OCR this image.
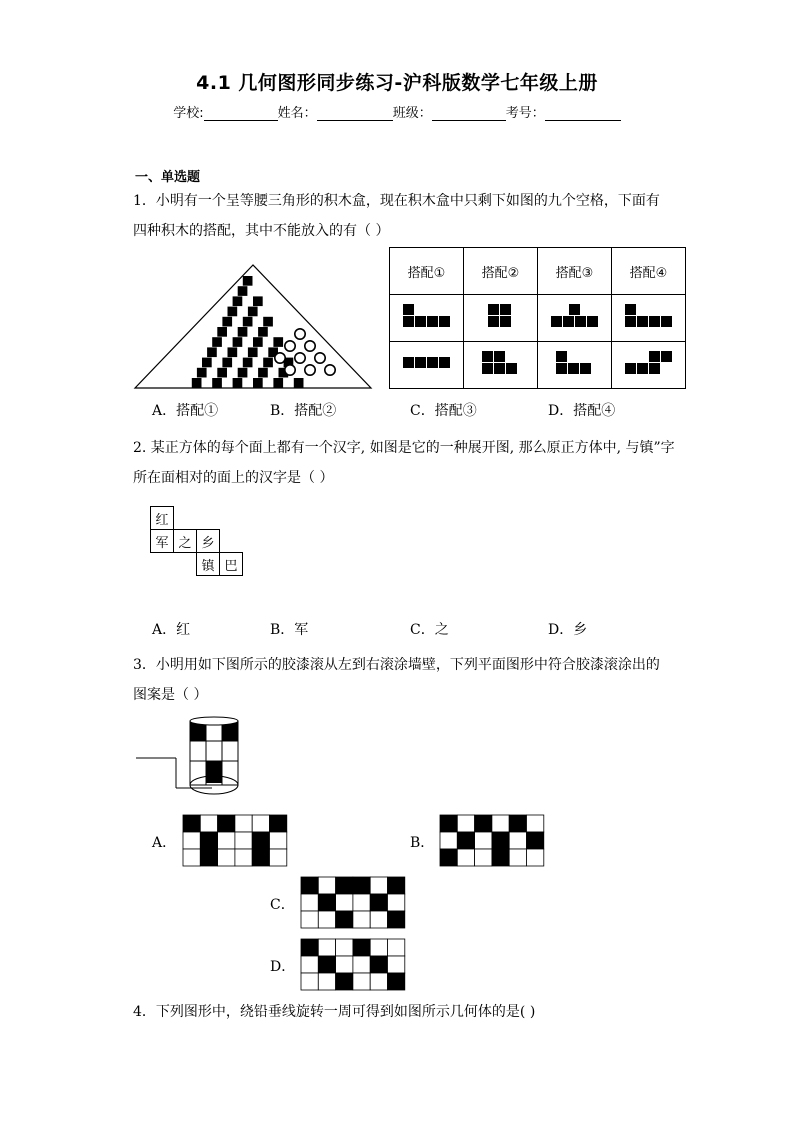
4.1 几何图形同步练习-沪科版数学七年级上册
学校:	姓名：	班级：	考号：
一、单选题
1．小明有一个呈等腰三角形的积木盒，现在积木盒中只剩下如图的九个空格，下面有四种积木的搭配，其中不能放入的有（ ）
搭配①	搭配②	搭配③	搭配④

A．搭配①	B．搭配②	C．搭配③	D．搭配④
2. 某正方体的每个面上都有一个汉字, 如图是它的一种展开图, 那么原正方体中, 与镇”字所在面相对的面上的汉字是（ ）
红			
军	之	乡	
		镇	巴
A．红	B．军	C．之	D．乡
3．小明用如下图所示的胶漆滚从左到右滚涂墙壁，下列平面图形中符合胶漆滚涂出的图案是（ ）
A．	B．
C．
D．
4．下列图形中，绕铅垂线旋转一周可得到如图所示几何体的是( )
